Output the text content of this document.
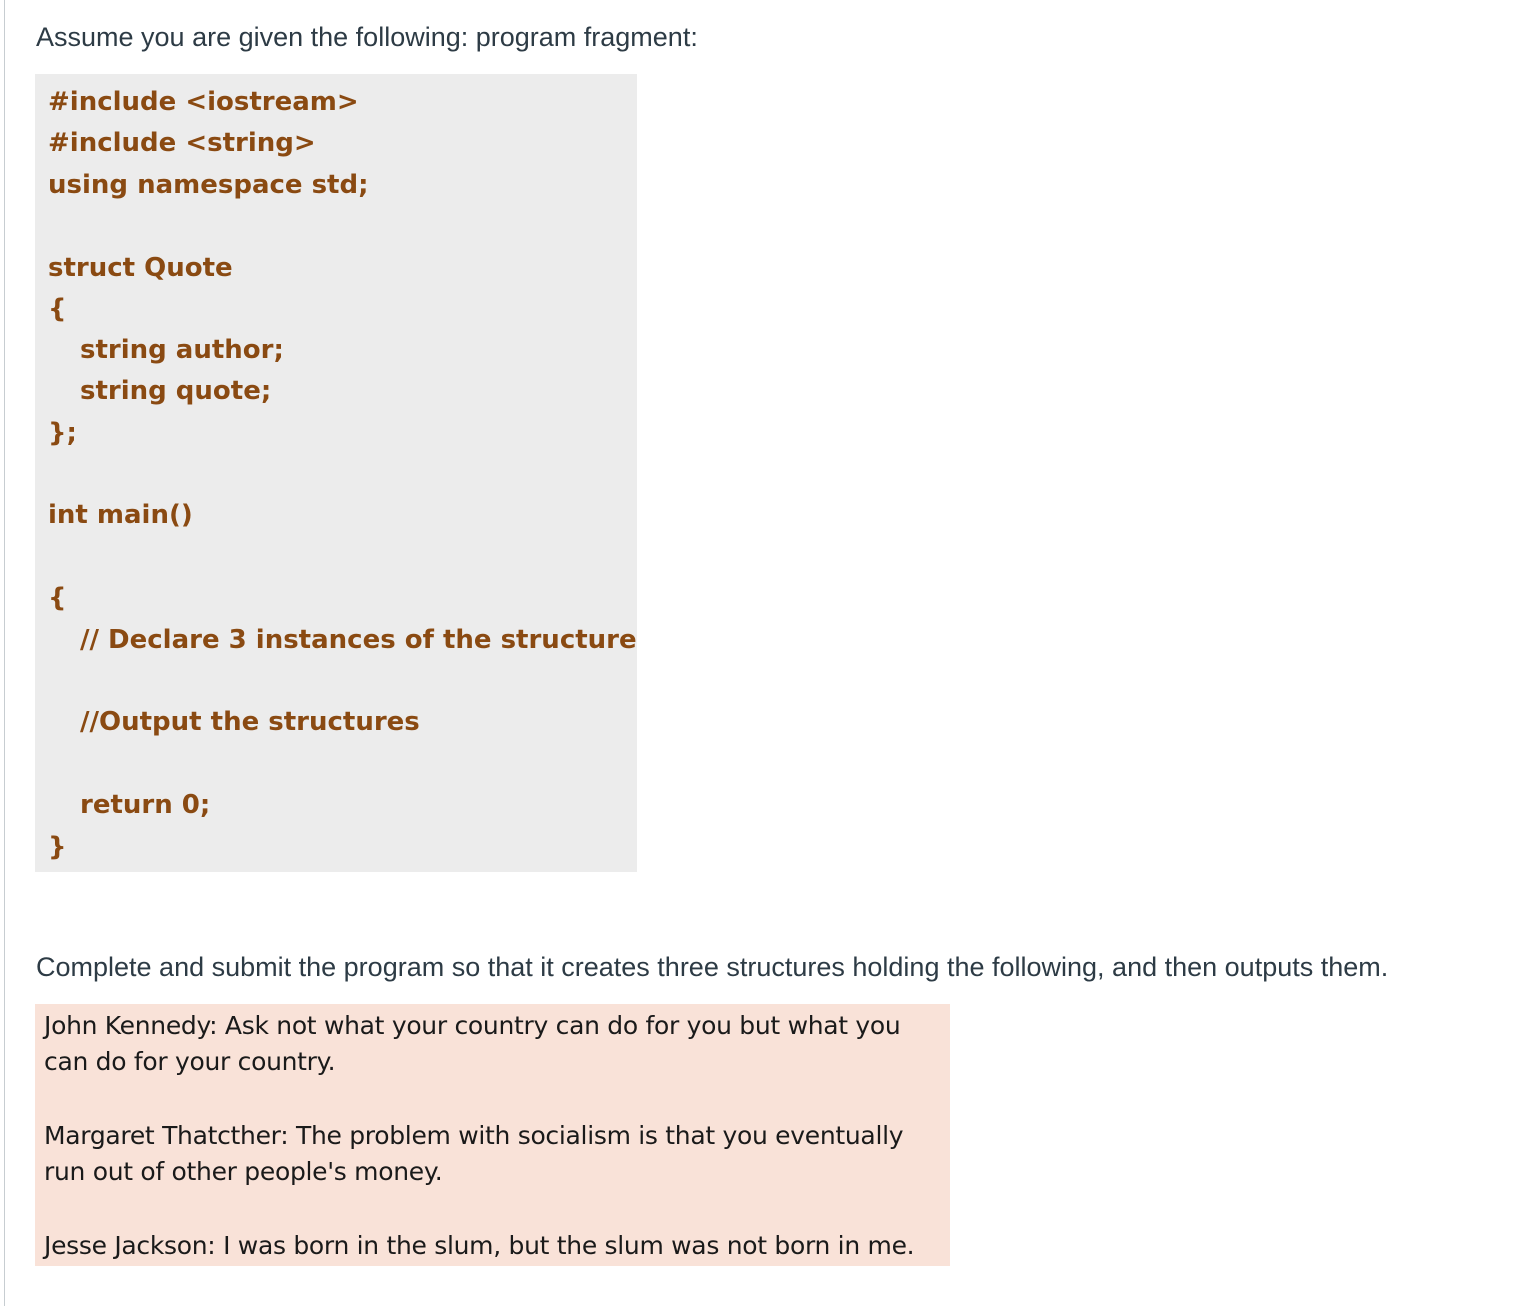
Assume you are given the following: program fragment:
#include <iostream>
#include <string>
using namespace std;
struct Quote
{
string author;
string quote;
};
int main()
{
// Declare 3 instances of the structure
//Output the structures
return 0;
}
Complete and submit the program so that it creates three structures holding the following, and then outputs them.
John Kennedy: Ask not what your country can do for you but what you
can do for your country.
Margaret Thatcther: The problem with socialism is that you eventually
run out of other people's money.
Jesse Jackson: I was born in the slum, but the slum was not born in me.
